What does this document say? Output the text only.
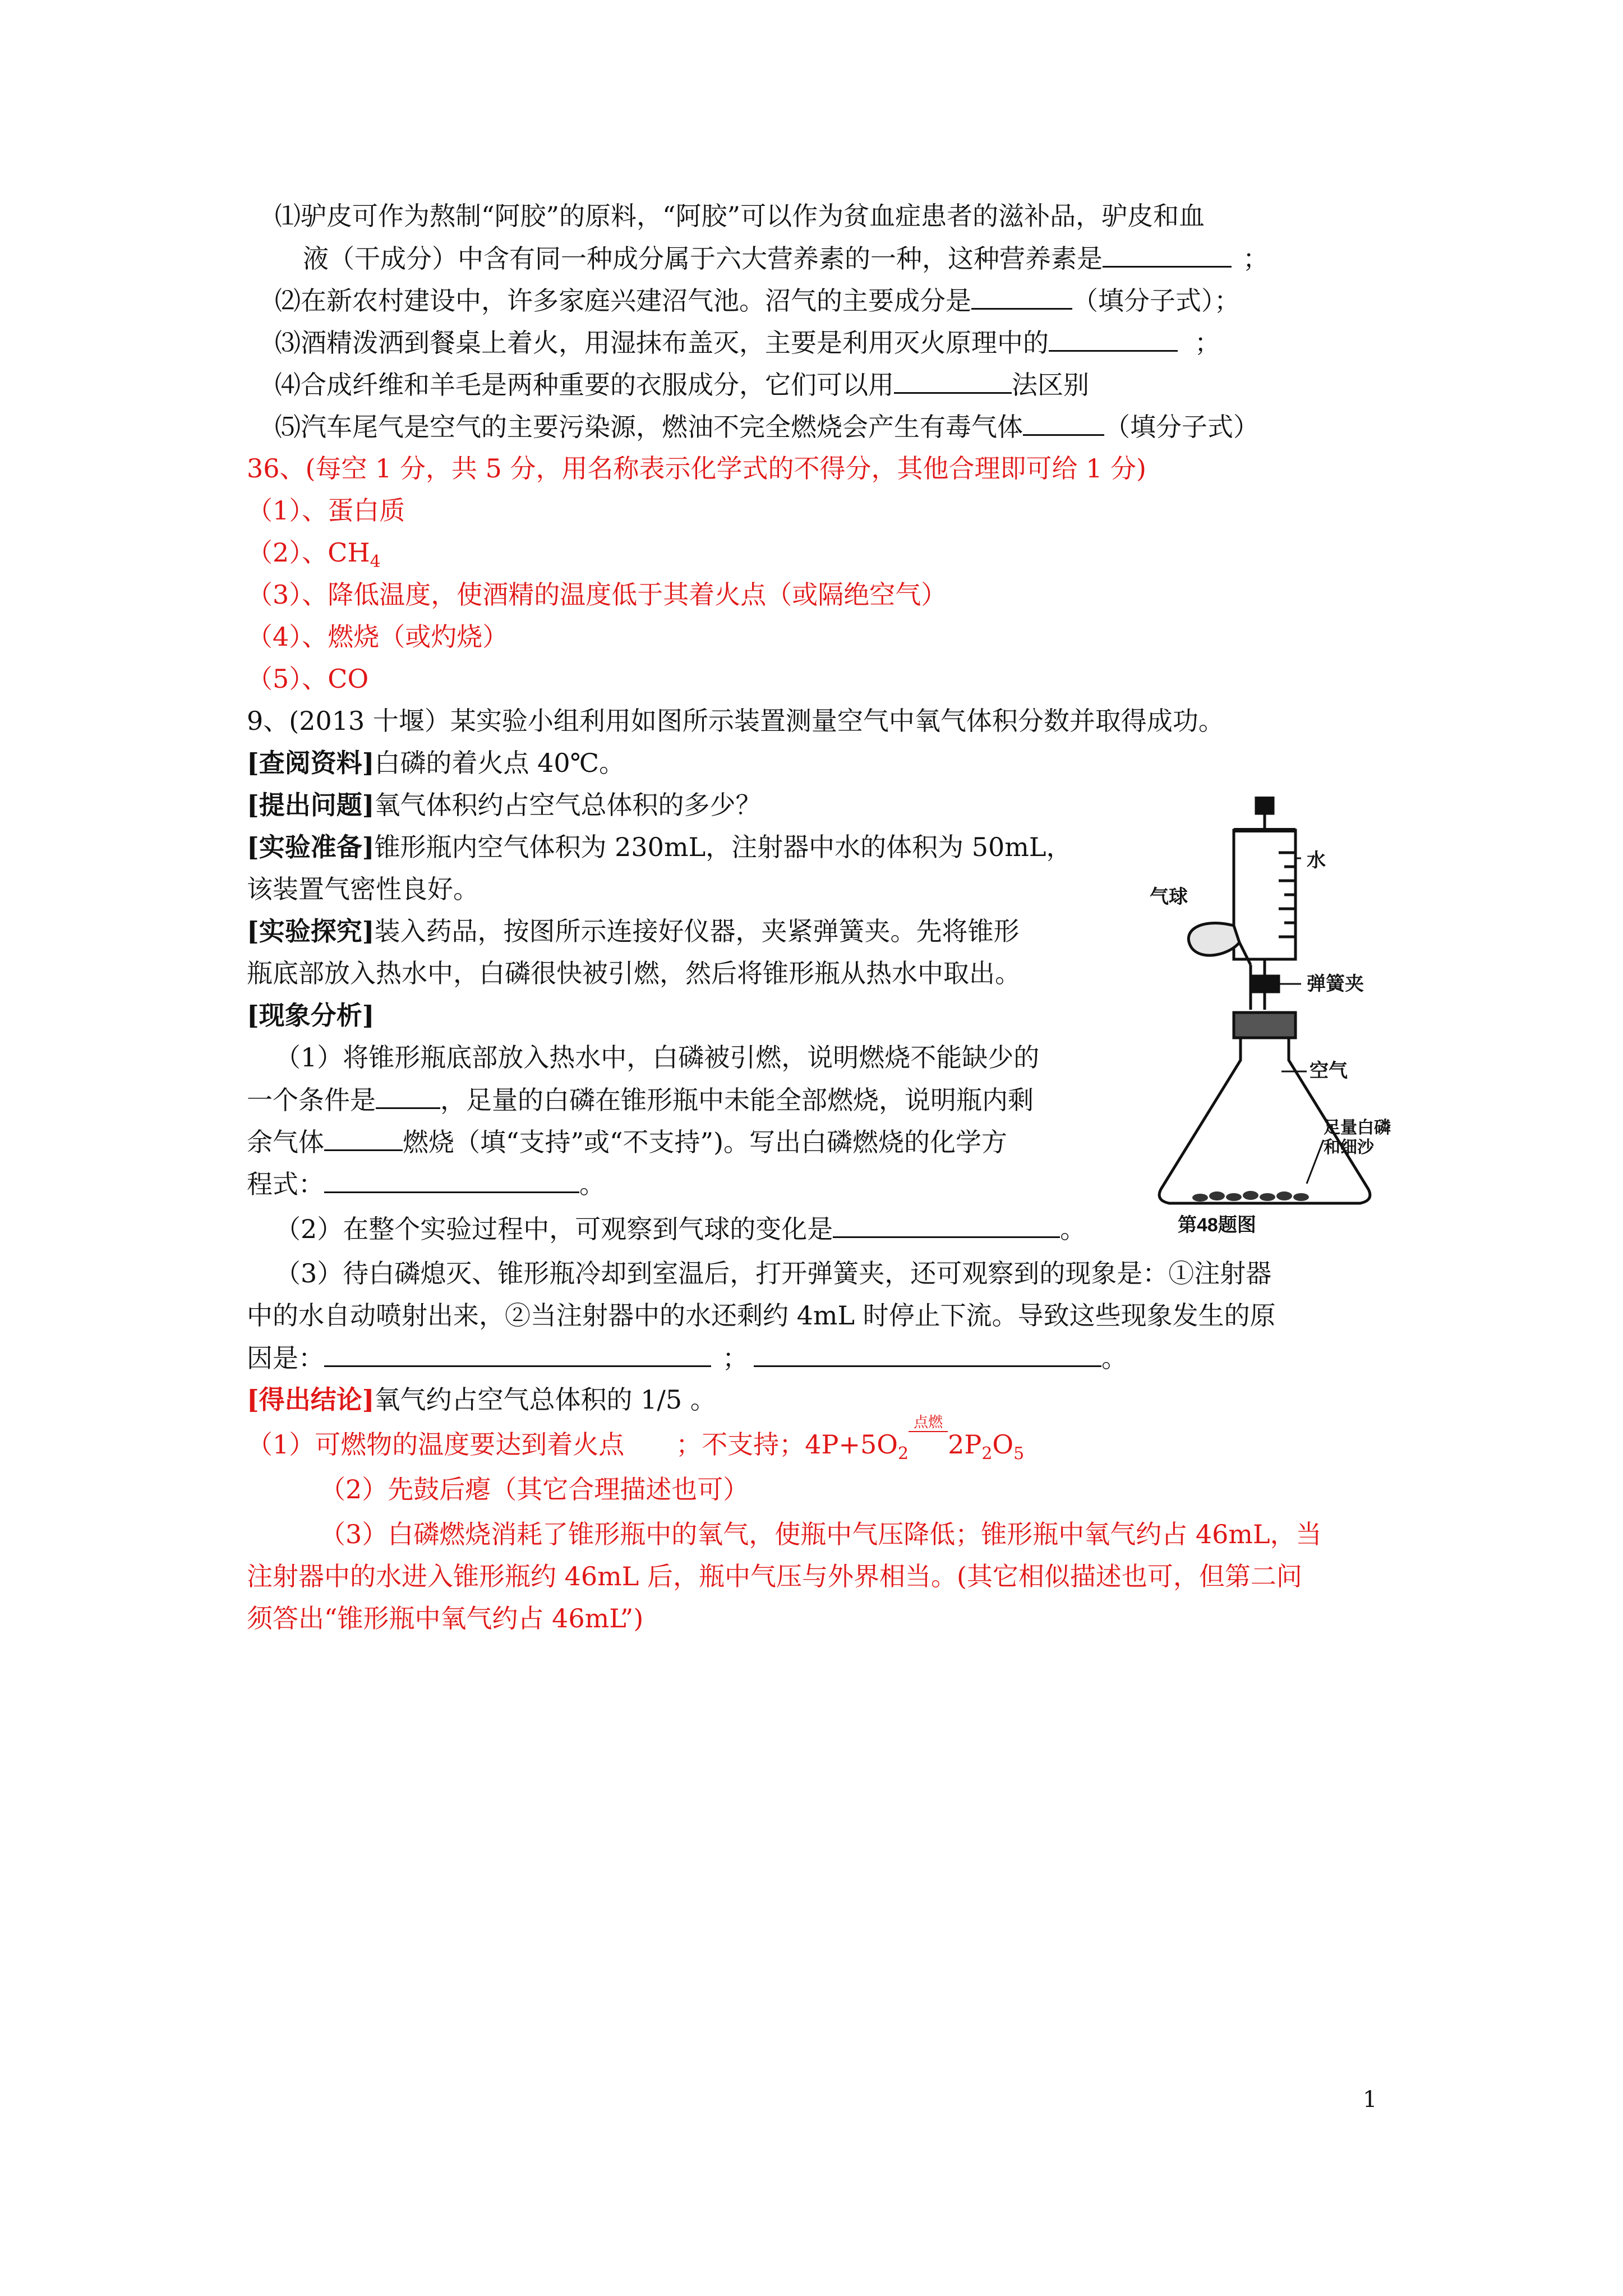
⑴驴皮可作为熬制“阿胶”的原料，“阿胶”可以作为贫血症患者的滋补品，驴皮和血
液（干成分）中含有同一种成分属于六大营养素的一种，这种营养素是	；
⑵在新农村建设中，许多家庭兴建沼气池。沼气的主要成分是	（填分子式）；
⑶酒精泼洒到餐桌上着火，用湿抹布盖灭，主要是利用灭火原理中的	；
⑷合成纤维和羊毛是两种重要的衣服成分，它们可以用	法区别
⑸汽车尾气是空气的主要污染源，燃油不完全燃烧会产生有毒气体	（填分子式）
36、(每空 1 分，共 5 分，用名称表示化学式的不得分，其他合理即可给 1 分)
（1）、蛋白质
（2）、$CH_4$
（3）、降低温度，使酒精的温度低于其着火点（或隔绝空气）
（4）、燃烧（或灼烧）
（5）、CO
9、(2013 十堰）某实验小组利用如图所示装置测量空气中氧气体积分数并取得成功。
[查阅资料]白磷的着火点 40℃。
[提出问题]氧气体积约占空气总体积的多少？
[实验准备]锥形瓶内空气体积为 230mL，注射器中水的体积为 50mL，
该装置气密性良好。
[实验探究]装入药品，按图所示连接好仪器，夹紧弹簧夹。先将锥形
瓶底部放入热水中，白磷很快被引燃，然后将锥形瓶从热水中取出。
[现象分析]
（1）将锥形瓶底部放入热水中，白磷被引燃，说明燃烧不能缺少的
一个条件是	，足量的白磷在锥形瓶中未能全部燃烧，说明瓶内剩
余气体	燃烧（填“支持”或“不支持”)。写出白磷燃烧的化学方
程式：	。
（2）在整个实验过程中，可观察到气球的变化是	。
（3）待白磷熄灭、锥形瓶冷却到室温后，打开弹簧夹，还可观察到的现象是：①注射器
中的水自动喷射出来，②当注射器中的水还剩约 4mL 时停止下流。导致这些现象发生的原
因是：	；	。
[得出结论]氧气约占空气总体积的 1/5 。
（1）可燃物的温度要达到着火点　　；不支持；$4P+5O_2$
点燃
$2P_2O_5$
（2）先鼓后瘪（其它合理描述也可）
（3）白磷燃烧消耗了锥形瓶中的氧气，使瓶中气压降低；锥形瓶中氧气约占 46mL，当
注射器中的水进入锥形瓶约 46mL 后，瓶中气压与外界相当。(其它相似描述也可，但第二问
须答出“锥形瓶中氧气约占 46mL”)
气球
水
弹簧夹
空气
足量白磷
和细沙
第48题图
1
